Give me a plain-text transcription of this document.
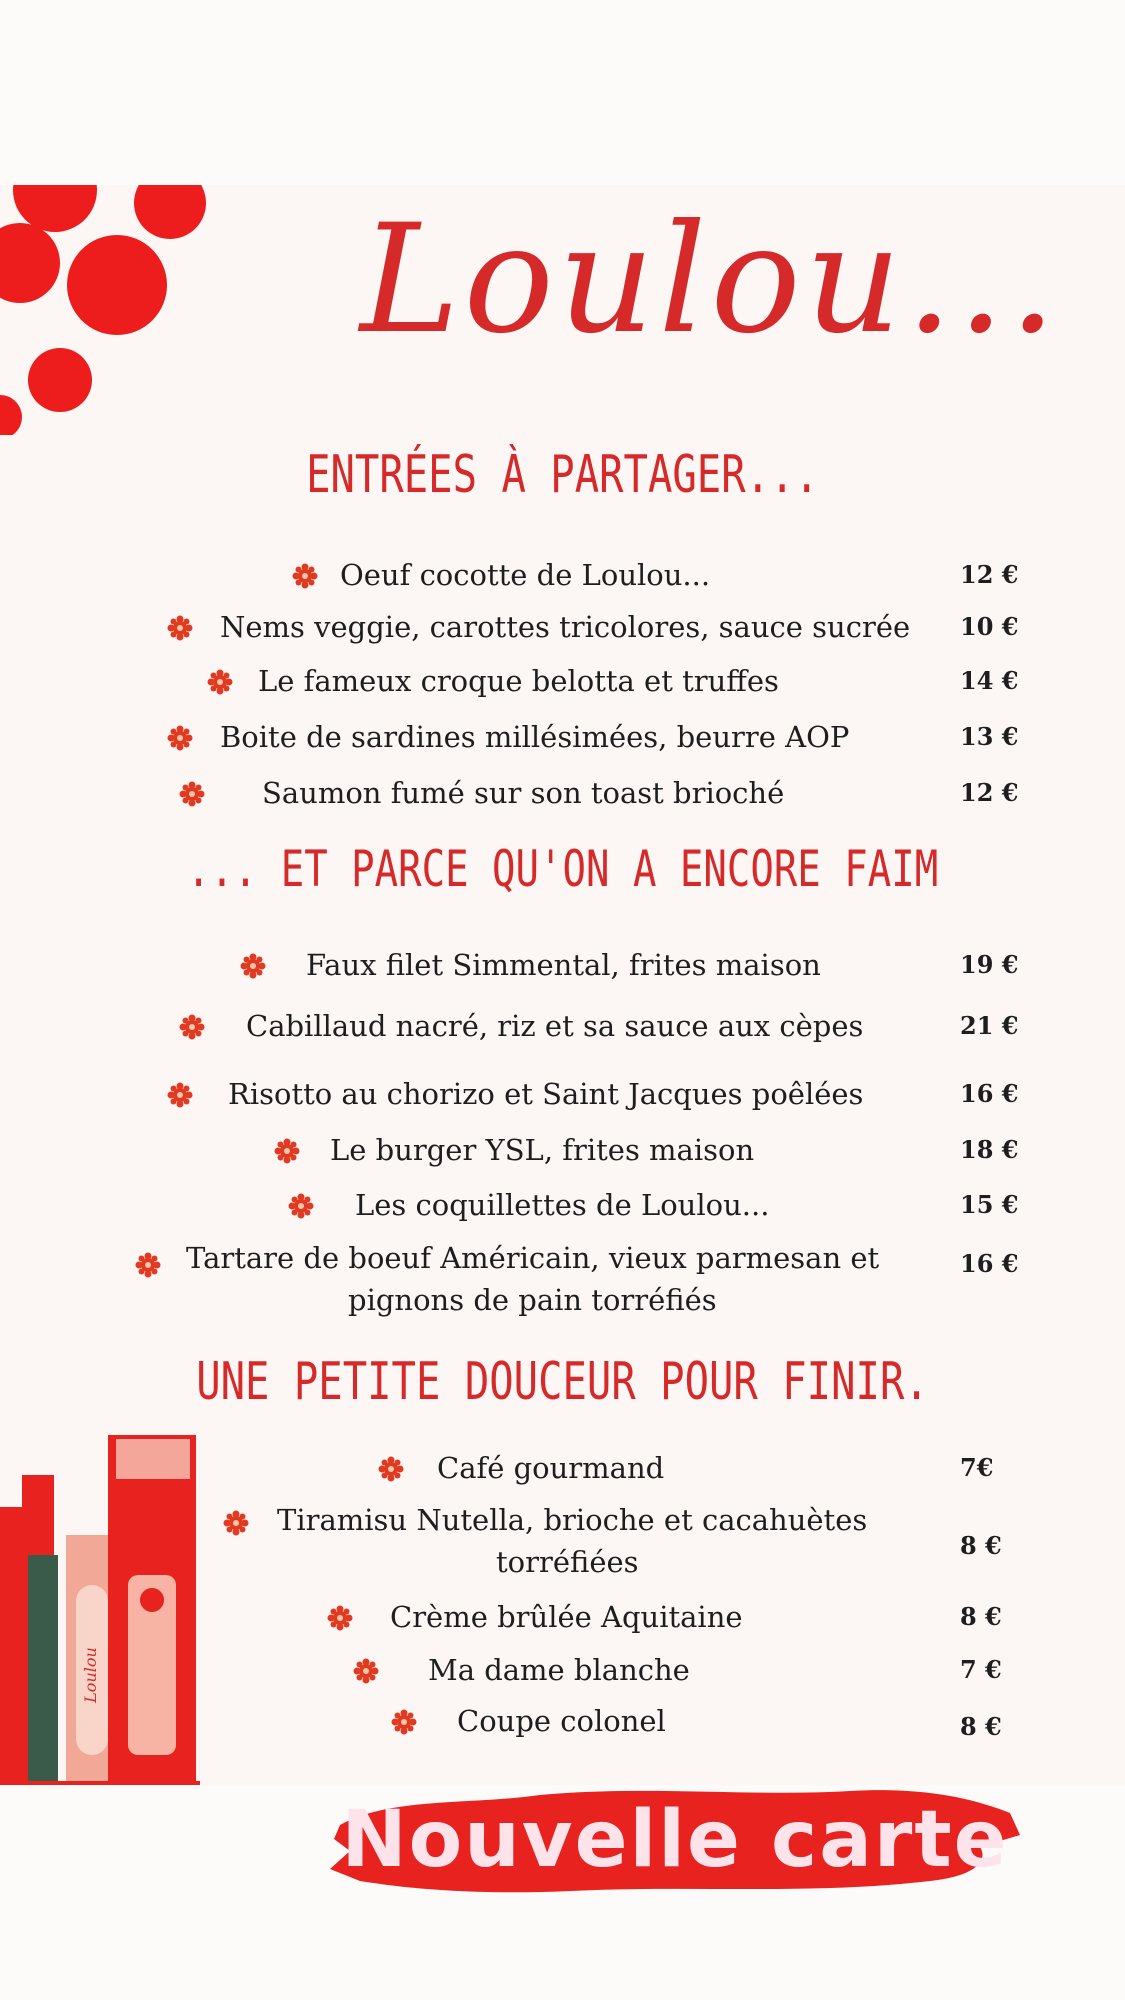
Loulou...
ENTRÉES À PARTAGER...
Oeuf cocotte de Loulou...	12 €
Nems veggie, carottes tricolores, sauce sucrée 10 €
Le fameux croque belotta et truffes	14 €
Boite de sardines millésimées, beurre AOP	13 €
Saumon fumé sur son toast brioché	12 €
... ET PARCE QU'ON A ENCORE FAIM
Faux filet Simmental, frites maison	19 €
Cabillaud nacré, riz et sa sauce aux cèpes	21 €
Risotto au chorizo et Saint Jacques poêlées	16 €
Le burger YSL, frites maison	18 €
Les coquillettes de Loulou...	15 €
Tartare de boeuf Américain, vieux parmesan et
pignons de pain torréfiés
16 €
UNE PETITE DOUCEUR POUR FINIR.
Café gourmand	7€
Tiramisu Nutella, brioche et cacahuètes
torréfiées	8 €
Crème brûlée Aquitaine	8 €
Ma dame blanche	7 €
Coupe colonel	8 €
Loulou
Nouvelle carte
